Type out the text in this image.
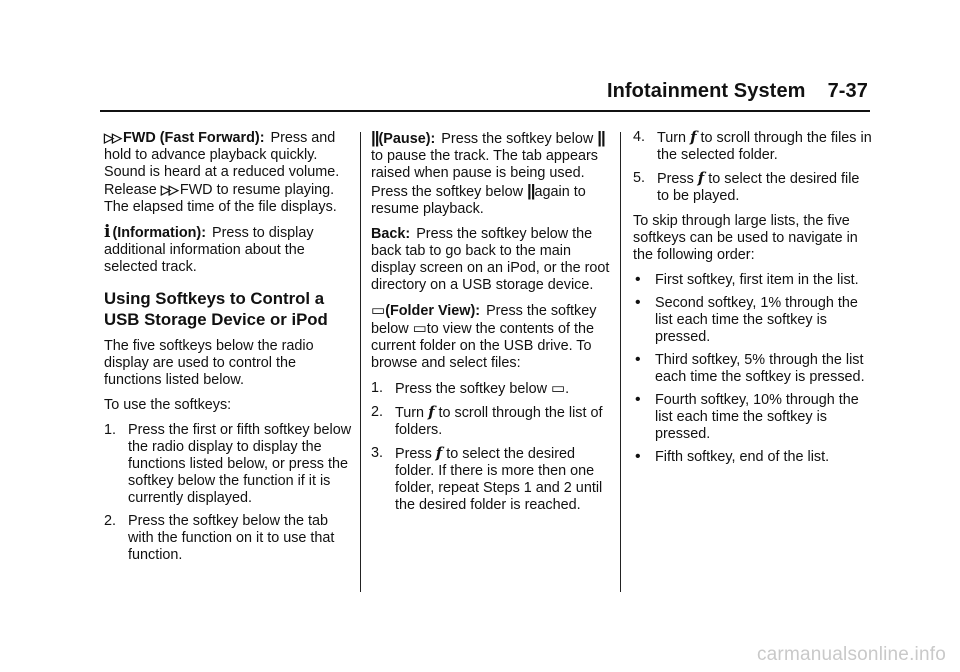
Infotainment System 7-37

▷▷ FWD (Fast Forward): Press and hold to advance playback quickly. Sound is heard at a reduced volume. Release ▷▷ FWD to resume playing. The elapsed time of the file displays.

i (Information): Press to display additional information about the selected track.

Using Softkeys to Control a USB Storage Device or iPod

The five softkeys below the radio display are used to control the functions listed below.

To use the softkeys:

1. Press the first or fifth softkey below the radio display to display the functions listed below, or press the softkey below the function if it is currently displayed.
2. Press the softkey below the tab with the function on it to use that function.

||(Pause): Press the softkey below ||to pause the track. The tab appears raised when pause is being used. Press the softkey below ||again to resume playback.

Back: Press the softkey below the back tab to go back to the main display screen on an iPod, or the root directory on a USB storage device.

▭(Folder View): Press the softkey below ▭to view the contents of the current folder on the USB drive. To browse and select files:

1. Press the softkey below ▭.
2. Turn f to scroll through the list of folders.
3. Press f to select the desired folder. If there is more then one folder, repeat Steps 1 and 2 until the desired folder is reached.
4. Turn f to scroll through the files in the selected folder.
5. Press f to select the desired file to be played.

To skip through large lists, the five softkeys can be used to navigate in the following order:

• First softkey, first item in the list.
• Second softkey, 1% through the list each time the softkey is pressed.
• Third softkey, 5% through the list each time the softkey is pressed.
• Fourth softkey, 10% through the list each time the softkey is pressed.
• Fifth softkey, end of the list.
carmanualsonline.info
